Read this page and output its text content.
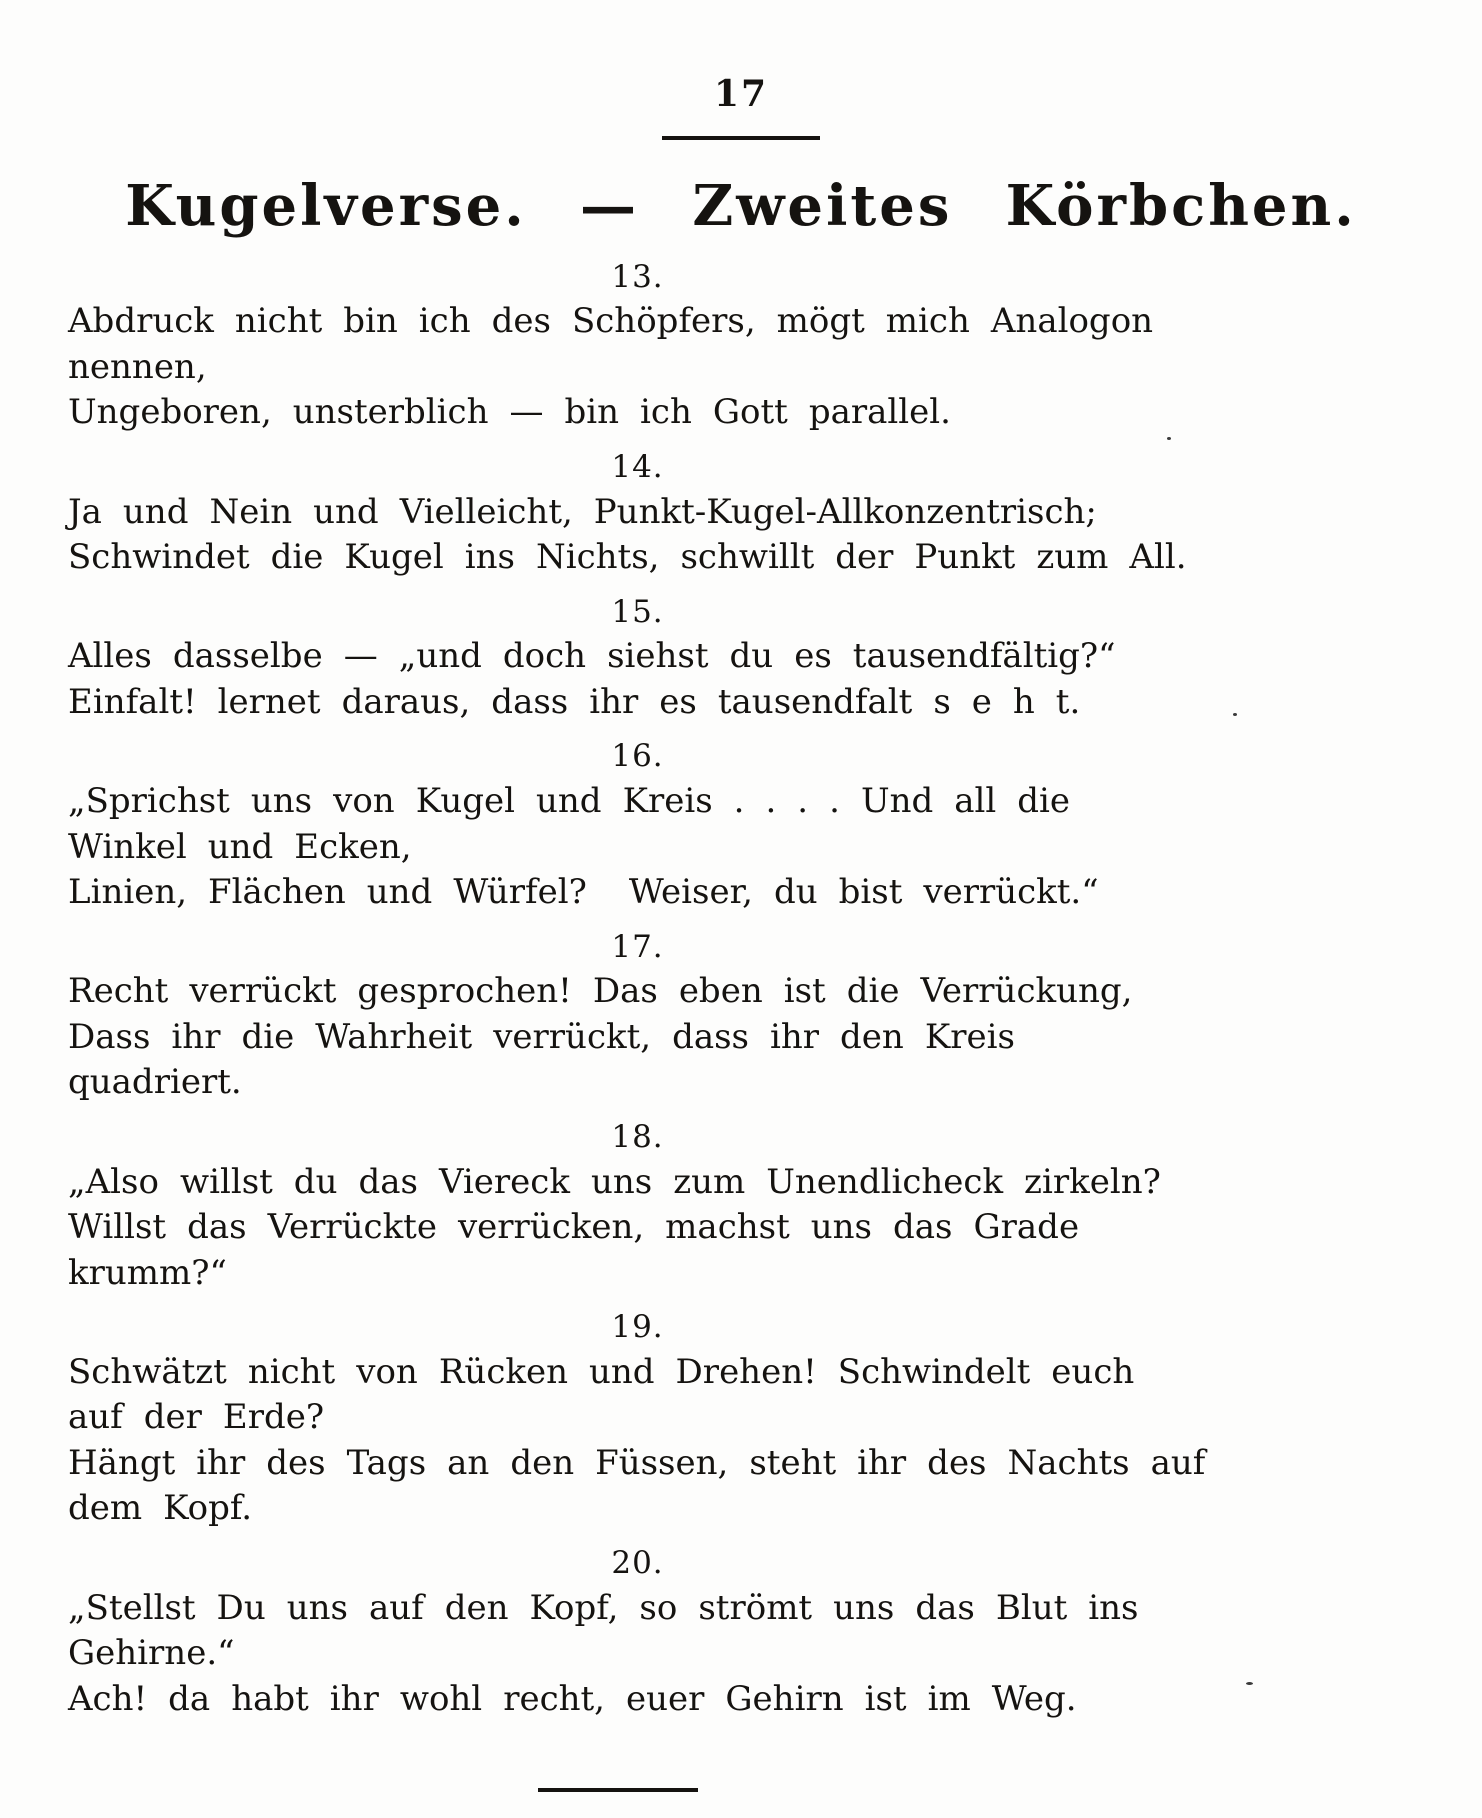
17
Kugelverse. — Zweites Körbchen.
13.
Abdruck nicht bin ich des Schöpfers, mögt mich Analogon nennen,
Ungeboren, unsterblich — bin ich Gott parallel.
14.
Ja und Nein und Vielleicht, Punkt-Kugel-Allkonzentrisch;
Schwindet die Kugel ins Nichts, schwillt der Punkt zum All.
15.
Alles dasselbe — „und doch siehst du es tausendfältig?“
Einfalt! lernet daraus, dass ihr es tausendfalt s e h t.
16.
„Sprichst uns von Kugel und Kreis . . . . Und all die Winkel und Ecken,
Linien, Flächen und Würfel?  Weiser, du bist verrückt.“
17.
Recht verrückt gesprochen! Das eben ist die Verrückung,
Dass ihr die Wahrheit verrückt, dass ihr den Kreis quadriert.
18.
„Also willst du das Viereck uns zum Unendlicheck zirkeln?
Willst das Verrückte verrücken, machst uns das Grade krumm?“
19.
Schwätzt nicht von Rücken und Drehen! Schwindelt euch auf der Erde?
Hängt ihr des Tags an den Füssen, steht ihr des Nachts auf dem Kopf.
20.
„Stellst Du uns auf den Kopf, so strömt uns das Blut ins Gehirne.“
Ach! da habt ihr wohl recht, euer Gehirn ist im Weg.
